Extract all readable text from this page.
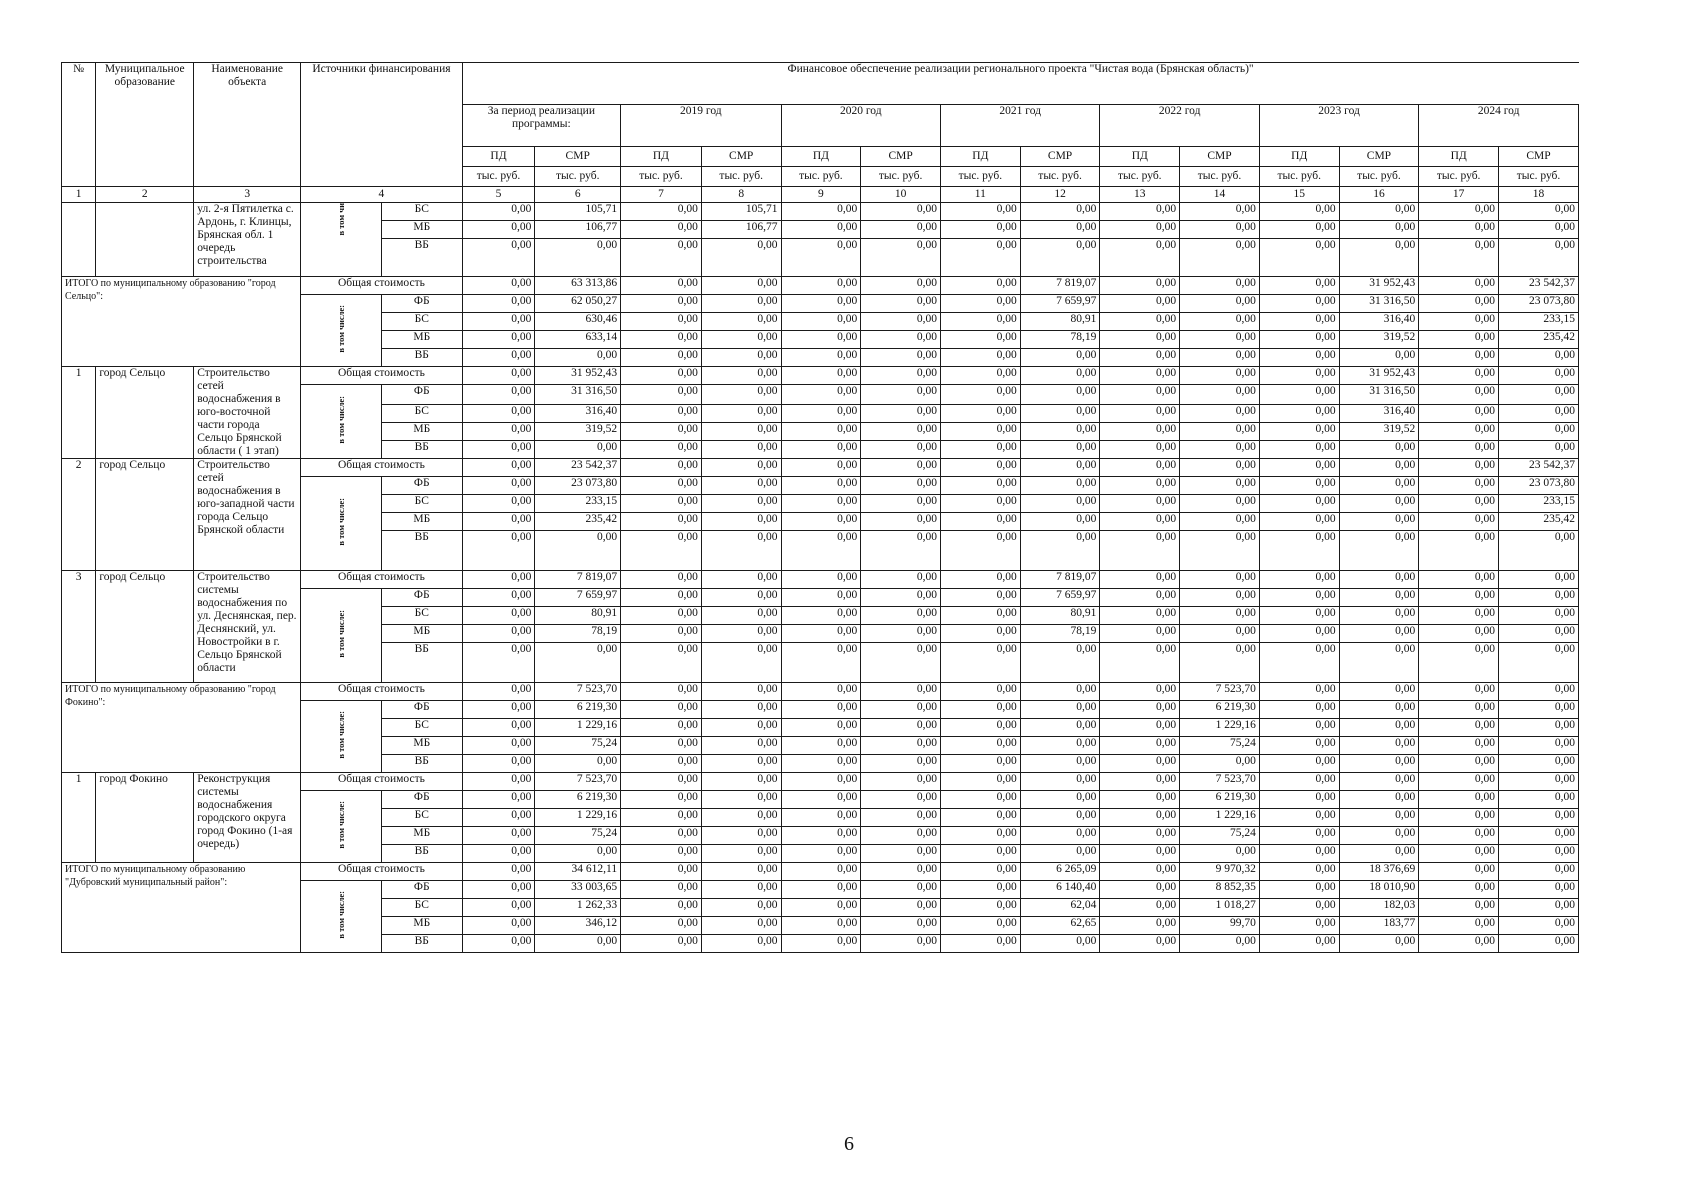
№	Муниципальное образование	Наименование объекта	Источники финансирования		Финансовое обеспечение реализации регионального проекта "Чистая вода (Брянская область)"													
					За период реализации программы:		2019 год		2020 год		2021 год		2022 год		2023 год		2024 год	
					ПД	СМР	ПД	СМР	ПД	СМР	ПД	СМР	ПД	СМР	ПД	СМР	ПД	СМР
					тыс. руб.	тыс. руб.	тыс. руб.	тыс. руб.	тыс. руб.	тыс. руб.	тыс. руб.	тыс. руб.	тыс. руб.	тыс. руб.	тыс. руб.	тыс. руб.	тыс. руб.	тыс. руб.
1	2	3	4		5	6	7	8	9	10	11	12	13	14	15	16	17	18
		ул. 2-я Пятилетка с. Ардонь, г. Клинцы, Брянская обл. 1 очередь строительства	в том чи	БС	0,00	105,71	0,00	105,71	0,00	0,00	0,00	0,00	0,00	0,00	0,00	0,00	0,00	0,00
				МБ	0,00	106,77	0,00	106,77	0,00	0,00	0,00	0,00	0,00	0,00	0,00	0,00	0,00	0,00
				ВБ	0,00	0,00	0,00	0,00	0,00	0,00	0,00	0,00	0,00	0,00	0,00	0,00	0,00	0,00
ИТОГО по муниципальному образованию "город Сельцо":			Общая стоимость		0,00	63 313,86	0,00	0,00	0,00	0,00	0,00	7 819,07	0,00	0,00	0,00	31 952,43	0,00	23 542,37
			в том числе:	ФБ	0,00	62 050,27	0,00	0,00	0,00	0,00	0,00	7 659,97	0,00	0,00	0,00	31 316,50	0,00	23 073,80
				БС	0,00	630,46	0,00	0,00	0,00	0,00	0,00	80,91	0,00	0,00	0,00	316,40	0,00	233,15
				МБ	0,00	633,14	0,00	0,00	0,00	0,00	0,00	78,19	0,00	0,00	0,00	319,52	0,00	235,42
				ВБ	0,00	0,00	0,00	0,00	0,00	0,00	0,00	0,00	0,00	0,00	0,00	0,00	0,00	0,00
1	город Сельцо	Строительство сетей водоснабжения в юго-восточной части города Сельцо Брянской области ( 1 этап)	Общая стоимость		0,00	31 952,43	0,00	0,00	0,00	0,00	0,00	0,00	0,00	0,00	0,00	31 952,43	0,00	0,00
			в том числе:	ФБ	0,00	31 316,50	0,00	0,00	0,00	0,00	0,00	0,00	0,00	0,00	0,00	31 316,50	0,00	0,00
				БС	0,00	316,40	0,00	0,00	0,00	0,00	0,00	0,00	0,00	0,00	0,00	316,40	0,00	0,00
				МБ	0,00	319,52	0,00	0,00	0,00	0,00	0,00	0,00	0,00	0,00	0,00	319,52	0,00	0,00
				ВБ	0,00	0,00	0,00	0,00	0,00	0,00	0,00	0,00	0,00	0,00	0,00	0,00	0,00	0,00
2	город Сельцо	Строительство сетей водоснабжения в юго-западной части города Сельцо Брянской области	Общая стоимость		0,00	23 542,37	0,00	0,00	0,00	0,00	0,00	0,00	0,00	0,00	0,00	0,00	0,00	23 542,37
			в том числе:	ФБ	0,00	23 073,80	0,00	0,00	0,00	0,00	0,00	0,00	0,00	0,00	0,00	0,00	0,00	23 073,80
				БС	0,00	233,15	0,00	0,00	0,00	0,00	0,00	0,00	0,00	0,00	0,00	0,00	0,00	233,15
				МБ	0,00	235,42	0,00	0,00	0,00	0,00	0,00	0,00	0,00	0,00	0,00	0,00	0,00	235,42
				ВБ	0,00	0,00	0,00	0,00	0,00	0,00	0,00	0,00	0,00	0,00	0,00	0,00	0,00	0,00
3	город Сельцо	Строительство системы водоснабжения по ул. Деснянская, пер. Деснянский, ул. Новостройки в г. Сельцо Брянской области	Общая стоимость		0,00	7 819,07	0,00	0,00	0,00	0,00	0,00	7 819,07	0,00	0,00	0,00	0,00	0,00	0,00
			в том числе:	ФБ	0,00	7 659,97	0,00	0,00	0,00	0,00	0,00	7 659,97	0,00	0,00	0,00	0,00	0,00	0,00
				БС	0,00	80,91	0,00	0,00	0,00	0,00	0,00	80,91	0,00	0,00	0,00	0,00	0,00	0,00
				МБ	0,00	78,19	0,00	0,00	0,00	0,00	0,00	78,19	0,00	0,00	0,00	0,00	0,00	0,00
				ВБ	0,00	0,00	0,00	0,00	0,00	0,00	0,00	0,00	0,00	0,00	0,00	0,00	0,00	0,00
ИТОГО по муниципальному образованию "город Фокино":			Общая стоимость		0,00	7 523,70	0,00	0,00	0,00	0,00	0,00	0,00	0,00	7 523,70	0,00	0,00	0,00	0,00
			в том числе:	ФБ	0,00	6 219,30	0,00	0,00	0,00	0,00	0,00	0,00	0,00	6 219,30	0,00	0,00	0,00	0,00
				БС	0,00	1 229,16	0,00	0,00	0,00	0,00	0,00	0,00	0,00	1 229,16	0,00	0,00	0,00	0,00
				МБ	0,00	75,24	0,00	0,00	0,00	0,00	0,00	0,00	0,00	75,24	0,00	0,00	0,00	0,00
				ВБ	0,00	0,00	0,00	0,00	0,00	0,00	0,00	0,00	0,00	0,00	0,00	0,00	0,00	0,00
1	город Фокино	Реконструкция системы водоснабжения городского округа город Фокино (1-ая очередь)	Общая стоимость		0,00	7 523,70	0,00	0,00	0,00	0,00	0,00	0,00	0,00	7 523,70	0,00	0,00	0,00	0,00
			в том числе:	ФБ	0,00	6 219,30	0,00	0,00	0,00	0,00	0,00	0,00	0,00	6 219,30	0,00	0,00	0,00	0,00
				БС	0,00	1 229,16	0,00	0,00	0,00	0,00	0,00	0,00	0,00	1 229,16	0,00	0,00	0,00	0,00
				МБ	0,00	75,24	0,00	0,00	0,00	0,00	0,00	0,00	0,00	75,24	0,00	0,00	0,00	0,00
				ВБ	0,00	0,00	0,00	0,00	0,00	0,00	0,00	0,00	0,00	0,00	0,00	0,00	0,00	0,00
ИТОГО по муниципальному образованию "Дубровский муниципальный район":			Общая стоимость		0,00	34 612,11	0,00	0,00	0,00	0,00	0,00	6 265,09	0,00	9 970,32	0,00	18 376,69	0,00	0,00
			в том числе:	ФБ	0,00	33 003,65	0,00	0,00	0,00	0,00	0,00	6 140,40	0,00	8 852,35	0,00	18 010,90	0,00	0,00
				БС	0,00	1 262,33	0,00	0,00	0,00	0,00	0,00	62,04	0,00	1 018,27	0,00	182,03	0,00	0,00
				МБ	0,00	346,12	0,00	0,00	0,00	0,00	0,00	62,65	0,00	99,70	0,00	183,77	0,00	0,00
				ВБ	0,00	0,00	0,00	0,00	0,00	0,00	0,00	0,00	0,00	0,00	0,00	0,00	0,00	0,00
6
